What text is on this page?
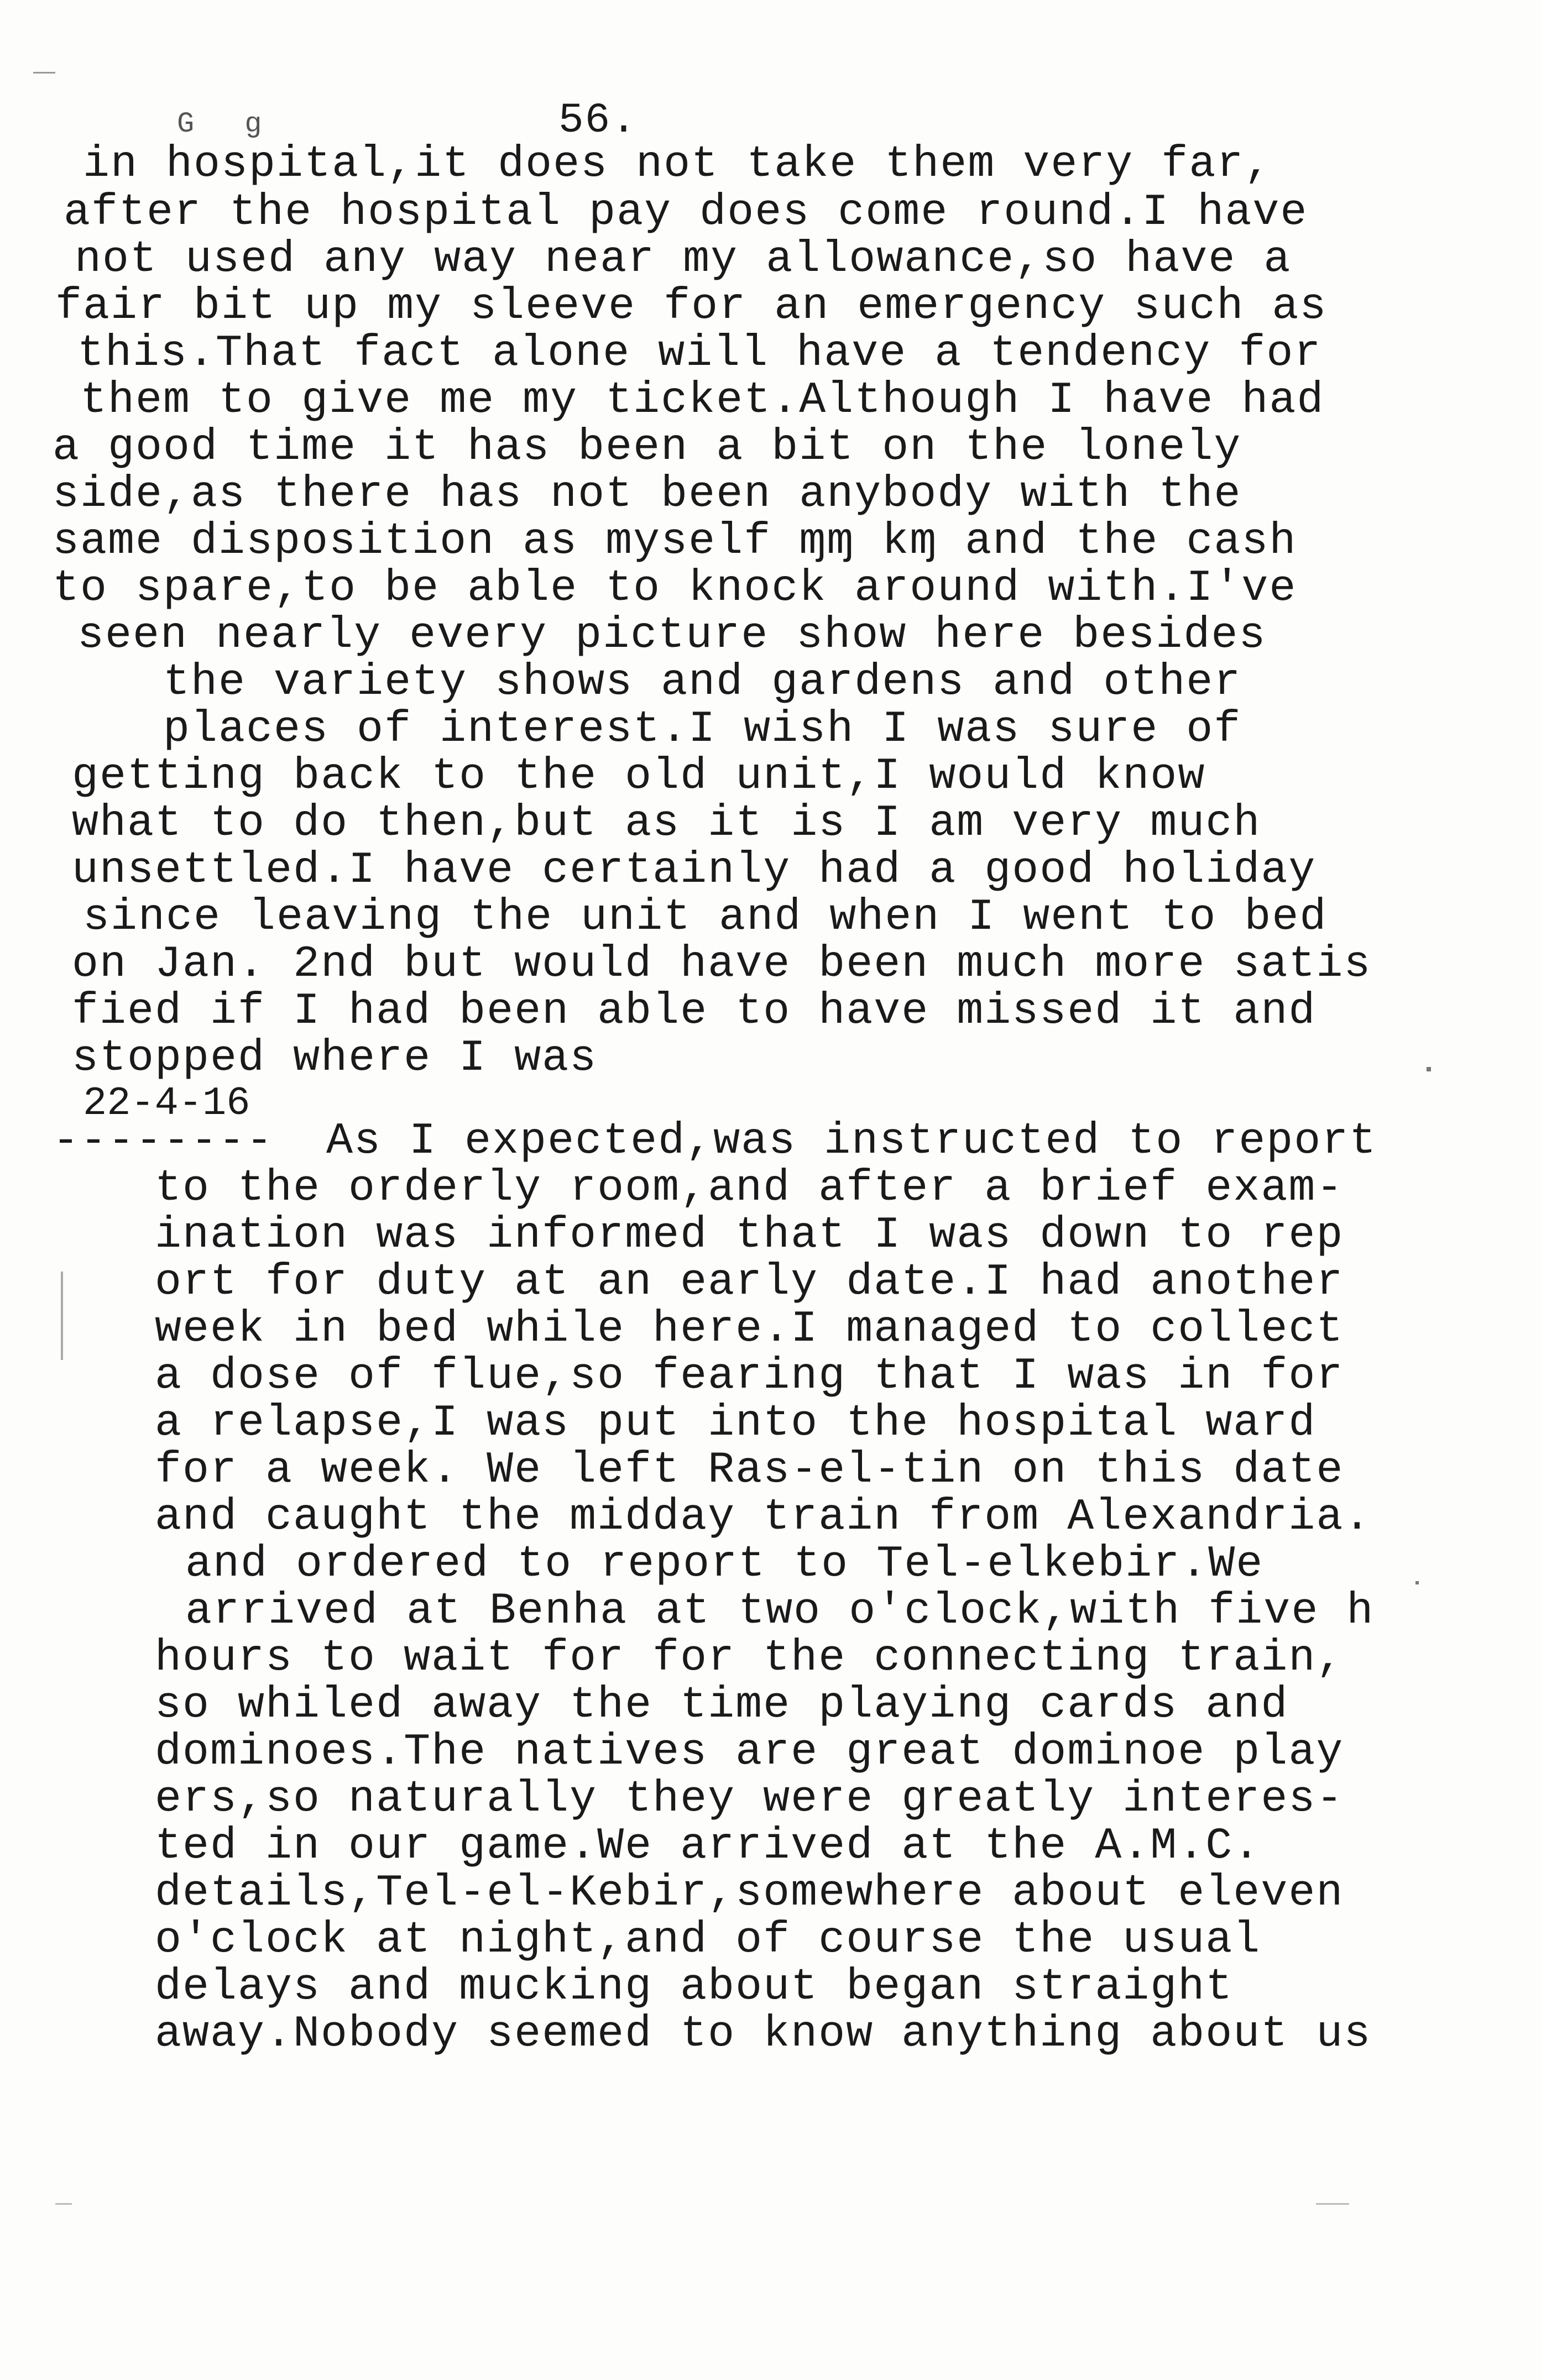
G g	56.
in hospital,it does not take them very far,
after the hospital pay does come round.I have
not used any way near my allowance,so have a
fair bit up my sleeve for an emergency such as
this.That fact alone will have a tendency for
them to give me my ticket.Although I have had
a good time it has been a bit on the lonely
side,as there has not been anybody with the
same disposition as myself ɱɱ kɱ and the cash
to spare,to be able to knock around with.I've
seen nearly every picture show here besides
the variety shows and gardens and other
places of interest.I wish I was sure of
getting back to the old unit,I would know
what to do then,but as it is I am very much
unsettled.I have certainly had a good holiday
since leaving the unit and when I went to bed
on Jan. 2nd but would have been much more satis
fied if I had been able to have missed it and
stopped where I was
22-4-16
-------- As I expected,was instructed to report
to the orderly room,and after a brief exam-
ination was informed that I was down to rep
ort for duty at an early date.I had another
week in bed while here.I managed to collect
a dose of flue,so fearing that I was in for
a relapse,I was put into the hospital ward
for a week. We left Ras-el-tin on this date
and caught the midday train from Alexandria.
and ordered to report to Tel-elkebir.We
arrived at Benha at two o'clock,with five h
hours to wait for for the connecting train,
so whiled away the time playing cards and
dominoes.The natives are great dominoe play
ers,so naturally they were greatly interes-
ted in our game.We arrived at the A.M.C.
details,Tel-el-Kebir,somewhere about eleven
o'clock at night,and of course the usual
delays and mucking about began straight
away.Nobody seemed to know anything about us
